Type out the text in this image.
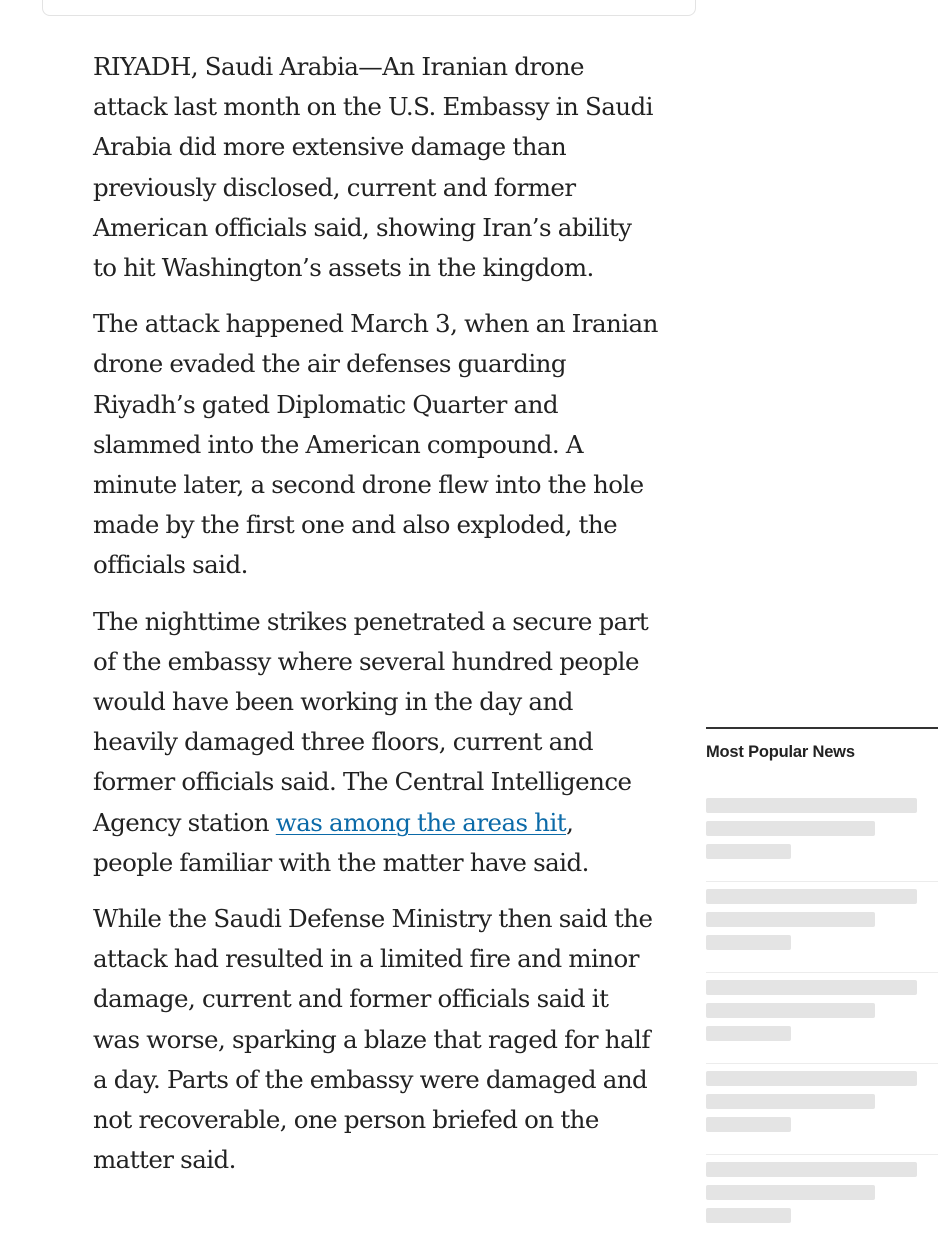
RIYADH, Saudi Arabia—An Iranian drone attack last month on the U.S. Embassy in Saudi Arabia did more extensive damage than previously disclosed, current and former American officials said, showing Iran’s ability to hit Washington’s assets in the kingdom.

The attack happened March 3, when an Iranian drone evaded the air defenses guarding Riyadh’s gated Diplomatic Quarter and slammed into the American compound. A minute later, a second drone flew into the hole made by the first one and also exploded, the officials said.

The nighttime strikes penetrated a secure part of the embassy where several hundred people would have been working in the day and heavily damaged three floors, current and former officials said. The Central Intelligence Agency station was among the areas hit, people familiar with the matter have said.

While the Saudi Defense Ministry then said the attack had resulted in a limited fire and minor damage, current and former officials said it was worse, sparking a blaze that raged for half a day. Parts of the embassy were damaged and not recoverable, one person briefed on the matter said.

Most Popular News
